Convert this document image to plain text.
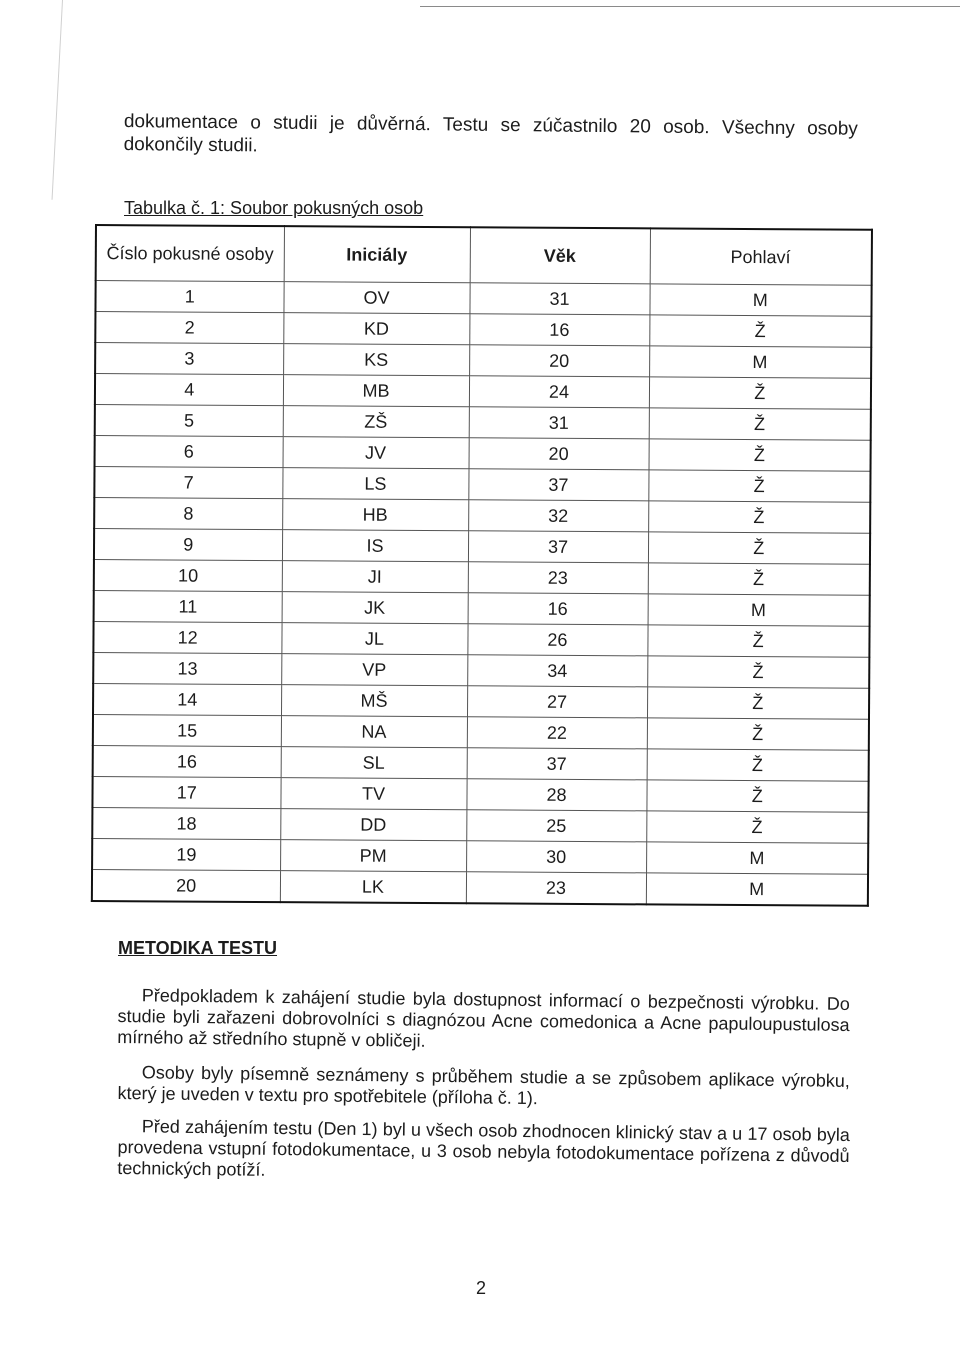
dokumentace o studii je důvěrná. Testu se zúčastnilo 20 osob. Všechny osoby dokončily studii.

Tabulka č. 1: Soubor pokusných osob
Číslo pokusné osoby	Iniciály	Věk	Pohlaví
1	OV	31	M
2	KD	16	Ž
3	KS	20	M
4	MB	24	Ž
5	ZŠ	31	Ž
6	JV	20	Ž
7	LS	37	Ž
8	HB	32	Ž
9	IS	37	Ž
10	JI	23	Ž
11	JK	16	M
12	JL	26	Ž
13	VP	34	Ž
14	MŠ	27	Ž
15	NA	22	Ž
16	SL	37	Ž
17	TV	28	Ž
18	DD	25	Ž
19	PM	30	M
20	LK	23	M
METODIKA TESTU

Předpokladem k zahájení studie byla dostupnost informací o bezpečnosti výrobku. Do studie byli zařazeni dobrovolníci s diagnózou Acne comedonica a Acne papuloupustulosa mírného až středního stupně v obličeji.

Osoby byly písemně seznámeny s průběhem studie a se způsobem aplikace výrobku, který je uveden v textu pro spotřebitele (příloha č. 1).

Před zahájením testu (Den 1) byl u všech osob zhodnocen klinický stav a u 17 osob byla provedena vstupní fotodokumentace, u 3 osob nebyla fotodokumentace pořízena z důvodů technických potíží.

2
